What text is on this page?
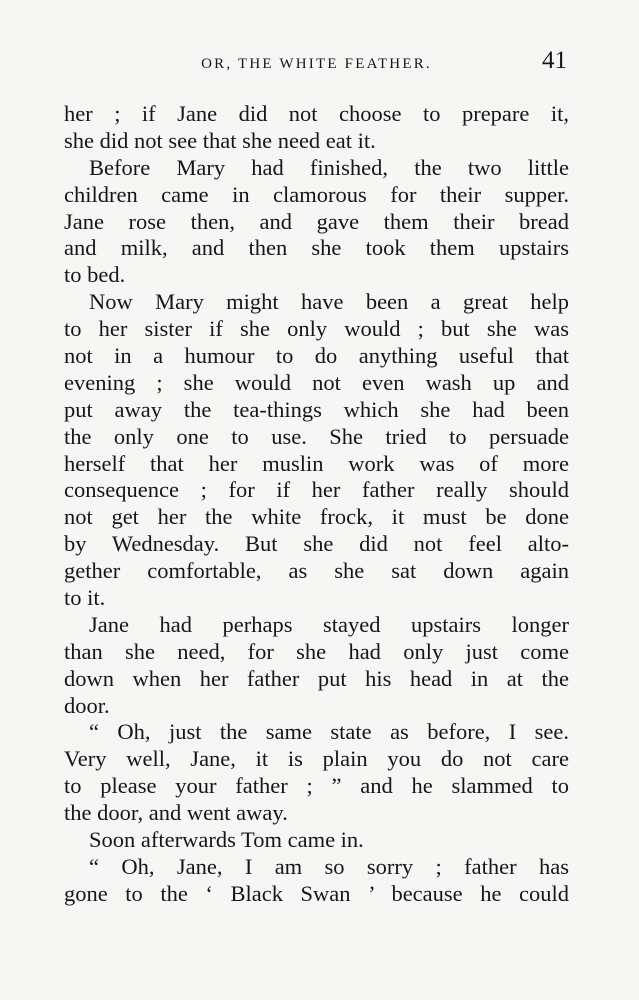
OR, THE WHITE FEATHER.	41
her ; if Jane did not choose to prepare it,
she did not see that she need eat it.
Before Mary had finished, the two little
children came in clamorous for their supper.
Jane rose then, and gave them their bread
and milk, and then she took them upstairs
to bed.
Now Mary might have been a great help
to her sister if she only would ; but she was
not in a humour to do anything useful that
evening ; she would not even wash up and
put away the tea-things which she had been
the only one to use. She tried to persuade
herself that her muslin work was of more
consequence ; for if her father really should
not get her the white frock, it must be done
by Wednesday. But she did not feel alto-
gether comfortable, as she sat down again
to it.
Jane had perhaps stayed upstairs longer
than she need, for she had only just come
down when her father put his head in at the
door.
“ Oh, just the same state as before, I see.
Very well, Jane, it is plain you do not care
to please your father ; ” and he slammed to
the door, and went away.
Soon afterwards Tom came in.
“ Oh, Jane, I am so sorry ; father has
gone to the ‘ Black Swan ’ because he could
